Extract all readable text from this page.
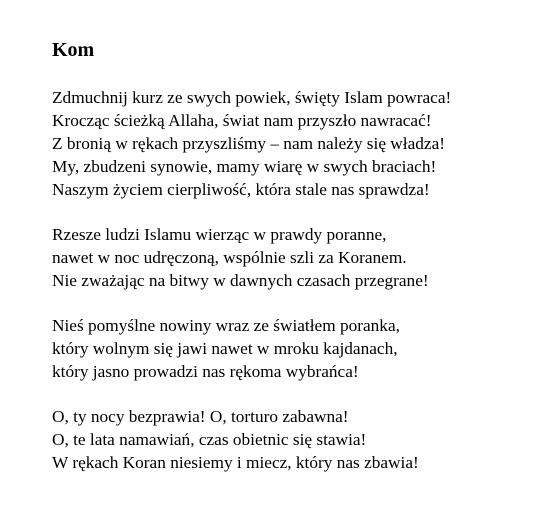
Kom
Zdmuchnij kurz ze swych powiek, święty Islam powraca!
Krocząc ścieżką Allaha, świat nam przyszło nawracać!
Z bronią w rękach przyszliśmy – nam należy się władza!
My, zbudzeni synowie, mamy wiarę w swych braciach!
Naszym życiem cierpliwość, która stale nas sprawdza!
Rzesze ludzi Islamu wierząc w prawdy poranne,
nawet w noc udręczoną, wspólnie szli za Koranem.
Nie zważając na bitwy w dawnych czasach przegrane!
Nieś pomyślne nowiny wraz ze światłem poranka,
który wolnym się jawi nawet w mroku kajdanach,
który jasno prowadzi nas rękoma wybrańca!
O, ty nocy bezprawia! O, torturo zabawna!
O, te lata namawiań, czas obietnic się stawia!
W rękach Koran niesiemy i miecz, który nas zbawia!
